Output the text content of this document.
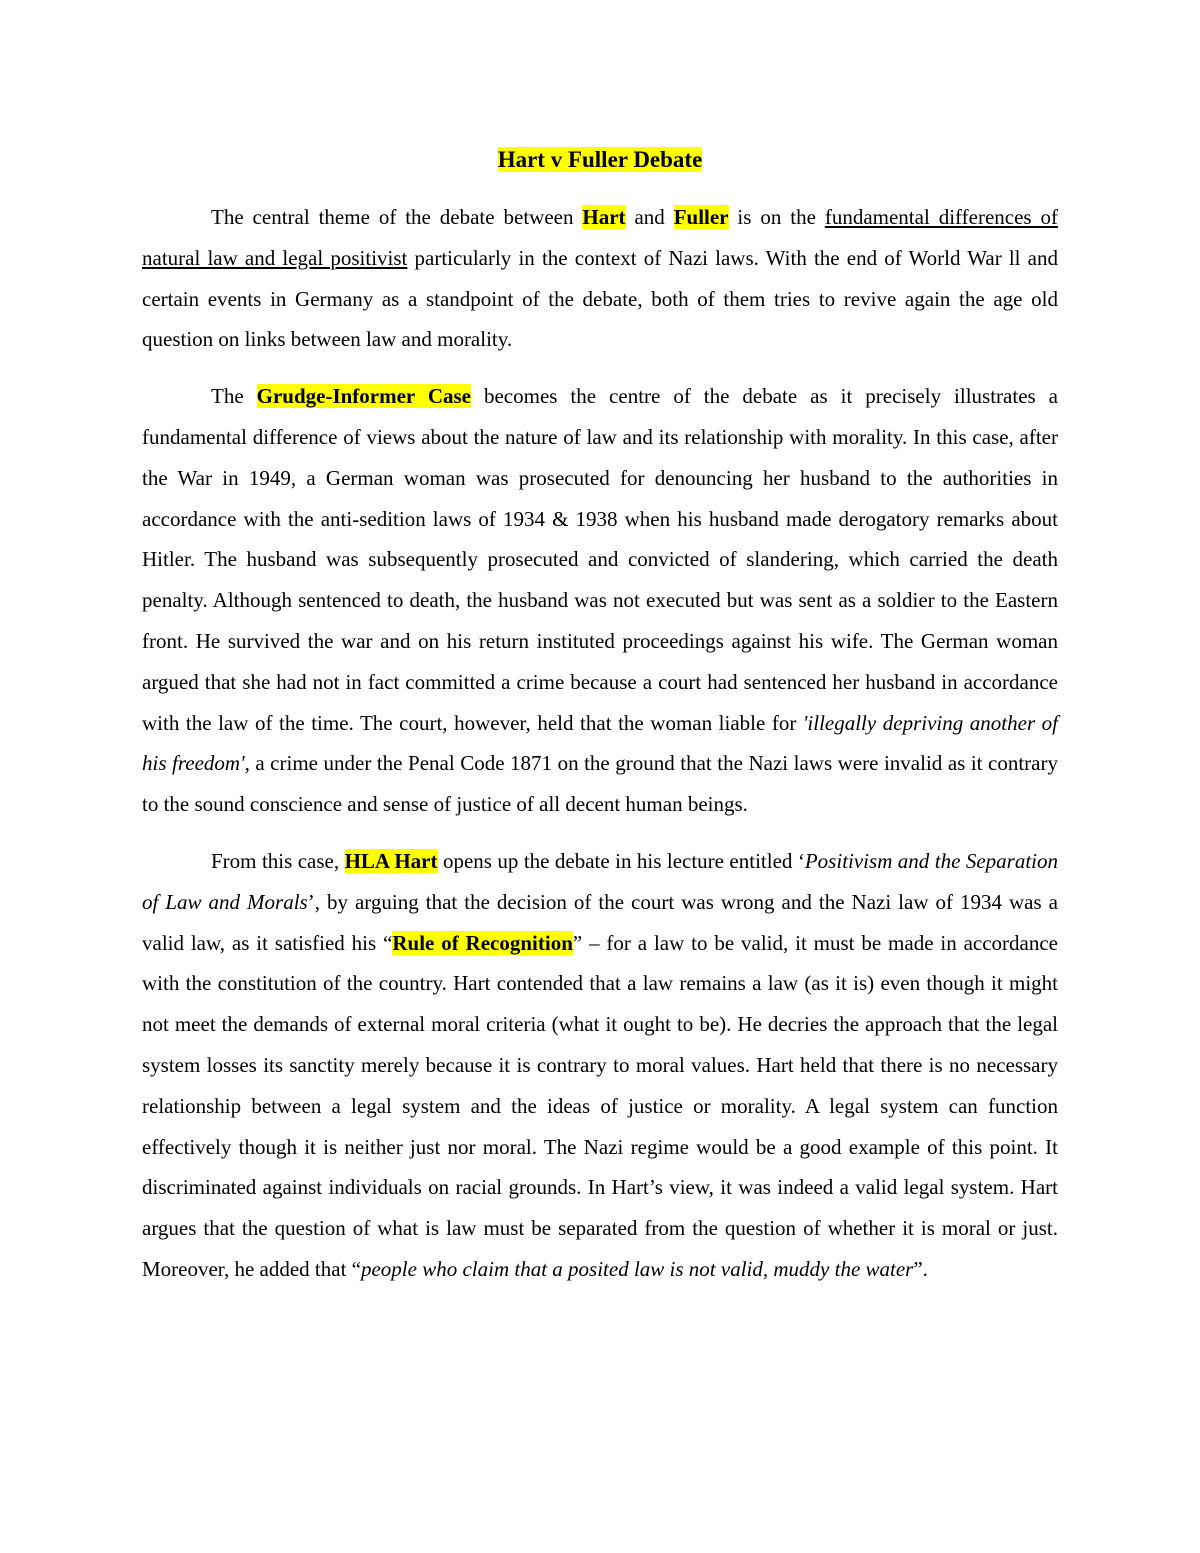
Hart v Fuller Debate

The central theme of the debate between Hart and Fuller is on the fundamental differences of natural law and legal positivist particularly in the context of Nazi laws. With the end of World War ll and certain events in Germany as a standpoint of the debate, both of them tries to revive again the age old question on links between law and morality.

The Grudge-Informer Case becomes the centre of the debate as it precisely illustrates a fundamental difference of views about the nature of law and its relationship with morality. In this case, after the War in 1949, a German woman was prosecuted for denouncing her husband to the authorities in accordance with the anti-sedition laws of 1934 & 1938 when his husband made derogatory remarks about Hitler. The husband was subsequently prosecuted and convicted of slandering, which carried the death penalty. Although sentenced to death, the husband was not executed but was sent as a soldier to the Eastern front. He survived the war and on his return instituted proceedings against his wife. The German woman argued that she had not in fact committed a crime because a court had sentenced her husband in accordance with the law of the time. The court, however, held that the woman liable for 'illegally depriving another of his freedom', a crime under the Penal Code 1871 on the ground that the Nazi laws were invalid as it contrary to the sound conscience and sense of justice of all decent human beings.

From this case, HLA Hart opens up the debate in his lecture entitled ‘Positivism and the Separation of Law and Morals’, by arguing that the decision of the court was wrong and the Nazi law of 1934 was a valid law, as it satisfied his “Rule of Recognition” – for a law to be valid, it must be made in accordance with the constitution of the country. Hart contended that a law remains a law (as it is) even though it might not meet the demands of external moral criteria (what it ought to be). He decries the approach that the legal system losses its sanctity merely because it is contrary to moral values. Hart held that there is no necessary relationship between a legal system and the ideas of justice or morality. A legal system can function effectively though it is neither just nor moral. The Nazi regime would be a good example of this point. It discriminated against individuals on racial grounds. In Hart’s view, it was indeed a valid legal system. Hart argues that the question of what is law must be separated from the question of whether it is moral or just. Moreover, he added that “people who claim that a posited law is not valid, muddy the water”.
